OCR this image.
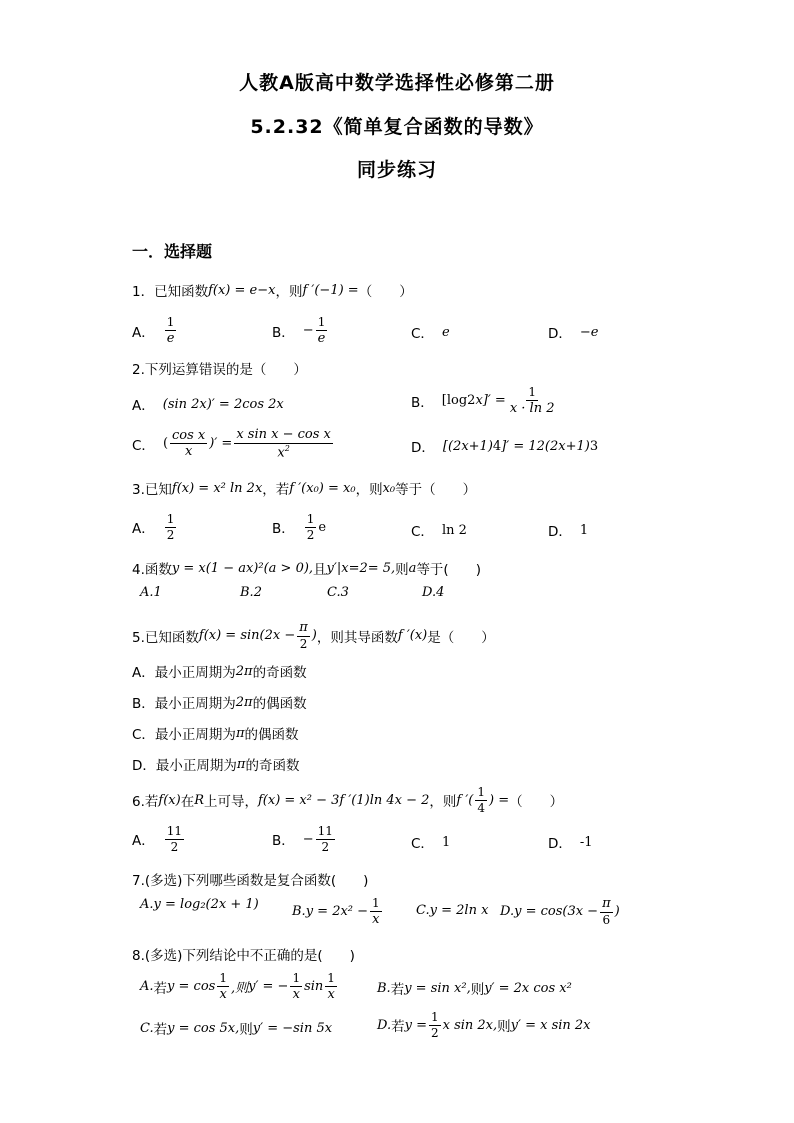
人教A版高中数学选择性必修第二册
5.2.32《简单复合函数的导数》
同步练习
一．选择题
1．已知函数 f(x) = e −x ，则 f ′(−1) = （　　）
A． $\frac{1}{e}$	B． − $\frac{1}{e}$	C． e	D． −e
2.下列运算错误的是（　　）
A． (sin 2x)′ = 2cos 2x	B． [log 2 $x]' = \frac{1}{x \cdot \ln 2}$
C． ( $\frac{\text{cos x}}{x}$ )′ = $\frac{\text{x sin x − cos x}}{x^2}$	D． [(2x+1) 4 ]′ = 12(2x+1) 3
3.已知 f(x) = x² ln 2x ，若 f ′(x₀) = x₀ ，则 x₀ 等于（　　）
A． $\frac{1}{2}$	B． $\frac{1}{2}$ e	C． ln 2	D． 1
4.函数 y = x(1 − ax)²(a > 0), 且 y′| x=2 = 5, 则 a 等于(　　)
A. 1	B. 2	C. 3	D. 4
5.已知函数 $f(x) = \sin(2x - \frac{\pi}{2}$ ) ，则其导函数 f ′(x) 是（　　）
A． 最小正周期为 2π 的奇函数
B． 最小正周期为 2π 的偶函数
C． 最小正周期为 π 的偶函数
D． 最小正周期为 π 的奇函数
6.若 f(x) 在 R 上可导， f(x) = x² − 3f ′(1)ln 4x − 2 ，则 f ′( $\frac{1}{4}$ ) = （　　）
A． $\frac{11}{2}$	B． − $\frac{11}{2}$	C． 1	D． -1
7.(多选)下列哪些函数是复合函数(　　)
A. y = log₂(2x + 1)	B. $y = 2x^2 - \frac{1}{x}$	C. y = 2 ln x D. $y = \cos(3x - \frac{\pi}{6}$ )
8.(多选)下列结论中不正确的是(　　)
A. 若 $y = \cos \frac{1}{x}$ ,则 y′ = − $\frac{1}{x}$ $\sin \frac{1}{x}$	B. 若 y = sin x², 则 y′ = 2x cos x²
C. 若 y = cos 5x, 则 y′ = −sin 5x	D. 若 $y = \frac{1}{2}$ x sin 2x, 则 y′ = x sin 2x
